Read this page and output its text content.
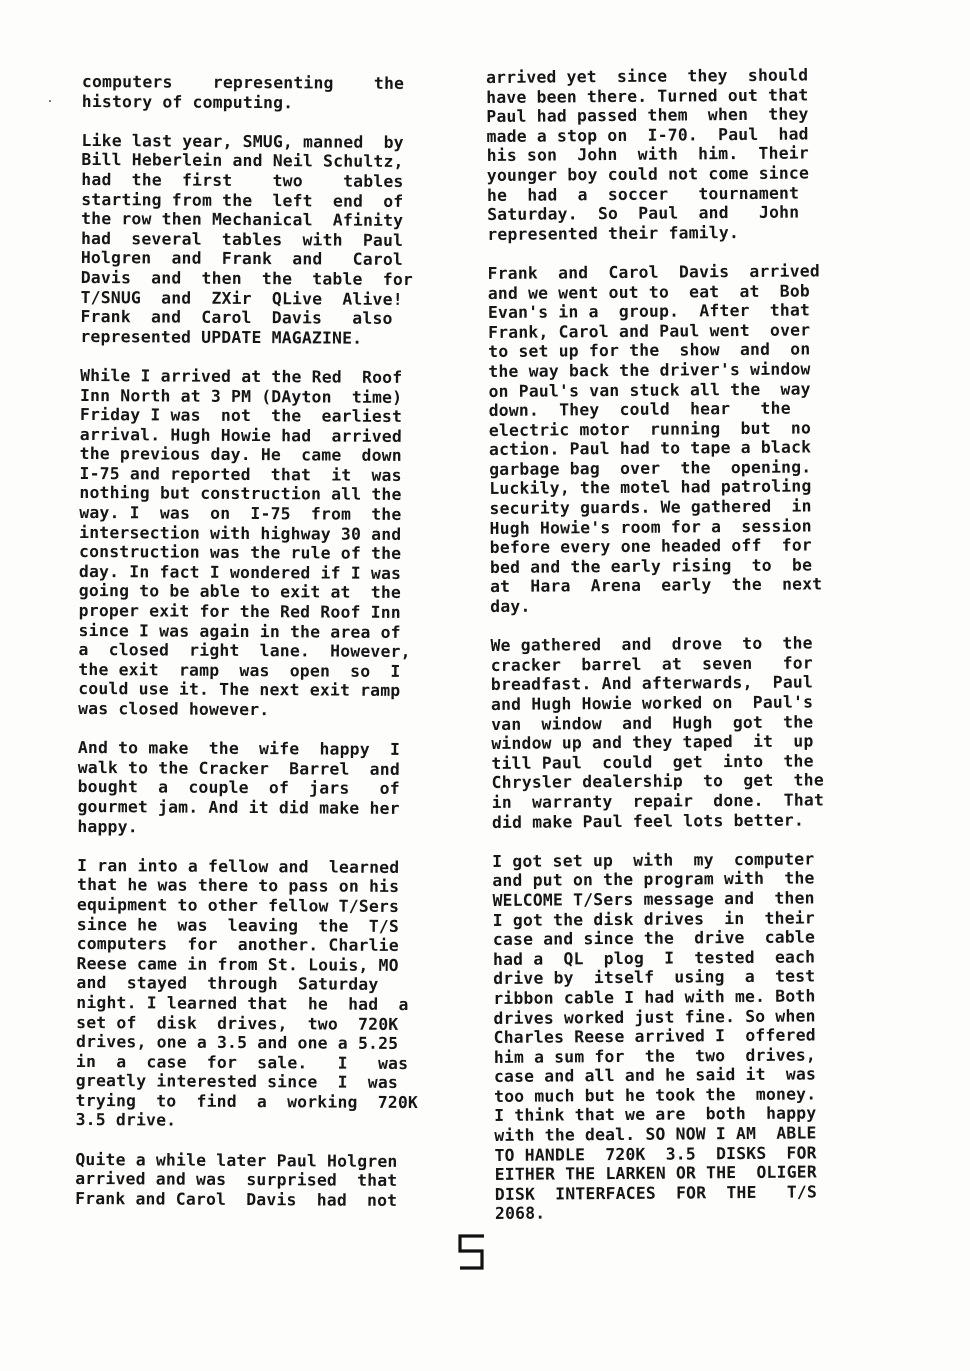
computers    representing    the
history of computing.

Like last year, SMUG, manned  by
Bill Heberlein and Neil Schultz,
had  the  first    two    tables
starting from the  left  end  of
the row then Mechanical  Afinity
had  several  tables  with  Paul
Holgren  and  Frank  and   Carol
Davis  and  then  the  table  for
T/SNUG  and  ZXir  QLive  Alive!
Frank  and  Carol  Davis   also
represented UPDATE MAGAZINE.

While I arrived at the Red  Roof
Inn North at 3 PM (DAyton  time)
Friday I was  not  the  earliest
arrival. Hugh Howie had  arrived
the previous day. He  came  down
I-75 and reported  that  it  was
nothing but construction all the
way. I  was  on  I-75  from  the
intersection with highway 30 and
construction was the rule of the
day. In fact I wondered if I was
going to be able to exit at  the
proper exit for the Red Roof Inn
since I was again in the area of
a  closed  right  lane.  However,
the exit  ramp  was  open  so  I
could use it. The next exit ramp
was closed however.

And to make  the  wife  happy  I
walk to the Cracker  Barrel  and
bought  a  couple  of  jars   of
gourmet jam. And it did make her
happy.

I ran into a fellow and  learned
that he was there to pass on his
equipment to other fellow T/Sers
since he  was  leaving  the  T/S
computers  for  another. Charlie
Reese came in from St. Louis, MO
and  stayed  through  Saturday
night. I learned that  he  had  a
set of  disk  drives,  two  720K
drives, one a 3.5 and one a 5.25
in  a  case  for  sale.   I   was
greatly interested since  I  was
trying  to  find  a  working  720K
3.5 drive.

Quite a while later Paul Holgren
arrived and was  surprised  that
Frank and Carol  Davis  had  not

arrived yet  since  they  should
have been there. Turned out that
Paul had passed them  when  they
made a stop on  I-70.  Paul  had
his son  John  with  him.  Their
younger boy could not come since
he  had  a  soccer   tournament
Saturday.  So  Paul  and   John
represented their family.

Frank  and  Carol  Davis  arrived
and we went out to  eat  at  Bob
Evan's in a  group.  After  that
Frank, Carol and Paul went  over
to set up for the  show  and  on
the way back the driver's window
on Paul's van stuck all the  way
down.  They  could  hear   the
electric motor  running  but  no
action. Paul had to tape a black
garbage bag  over  the  opening.
Luckily, the motel had patroling
security guards. We gathered  in
Hugh Howie's room for a  session
before every one headed off  for
bed and the early rising  to  be
at  Hara  Arena  early  the  next
day.

We gathered  and  drove  to  the
cracker  barrel  at  seven   for
breadfast. And afterwards,  Paul
and Hugh Howie worked on  Paul's
van  window  and  Hugh  got  the
window up and they taped  it  up
till Paul  could  get  into  the
Chrysler dealership  to  get  the
in  warranty  repair  done.  That
did make Paul feel lots better.

I got set up  with  my  computer
and put on the program with  the
WELCOME T/Sers message and  then
I got the disk drives  in  their
case and since the  drive  cable
had a  QL  plog  I  tested  each
drive by  itself  using  a  test
ribbon cable I had with me. Both
drives worked just fine. So when
Charles Reese arrived I  offered
him a sum for  the  two  drives,
case and all and he said it  was
too much but he took the  money.
I think that we are  both  happy
with the deal. SO NOW I AM  ABLE
TO HANDLE  720K  3.5  DISKS  FOR
EITHER THE LARKEN OR THE  OLIGER
DISK  INTERFACES  FOR  THE   T/S
2068.
